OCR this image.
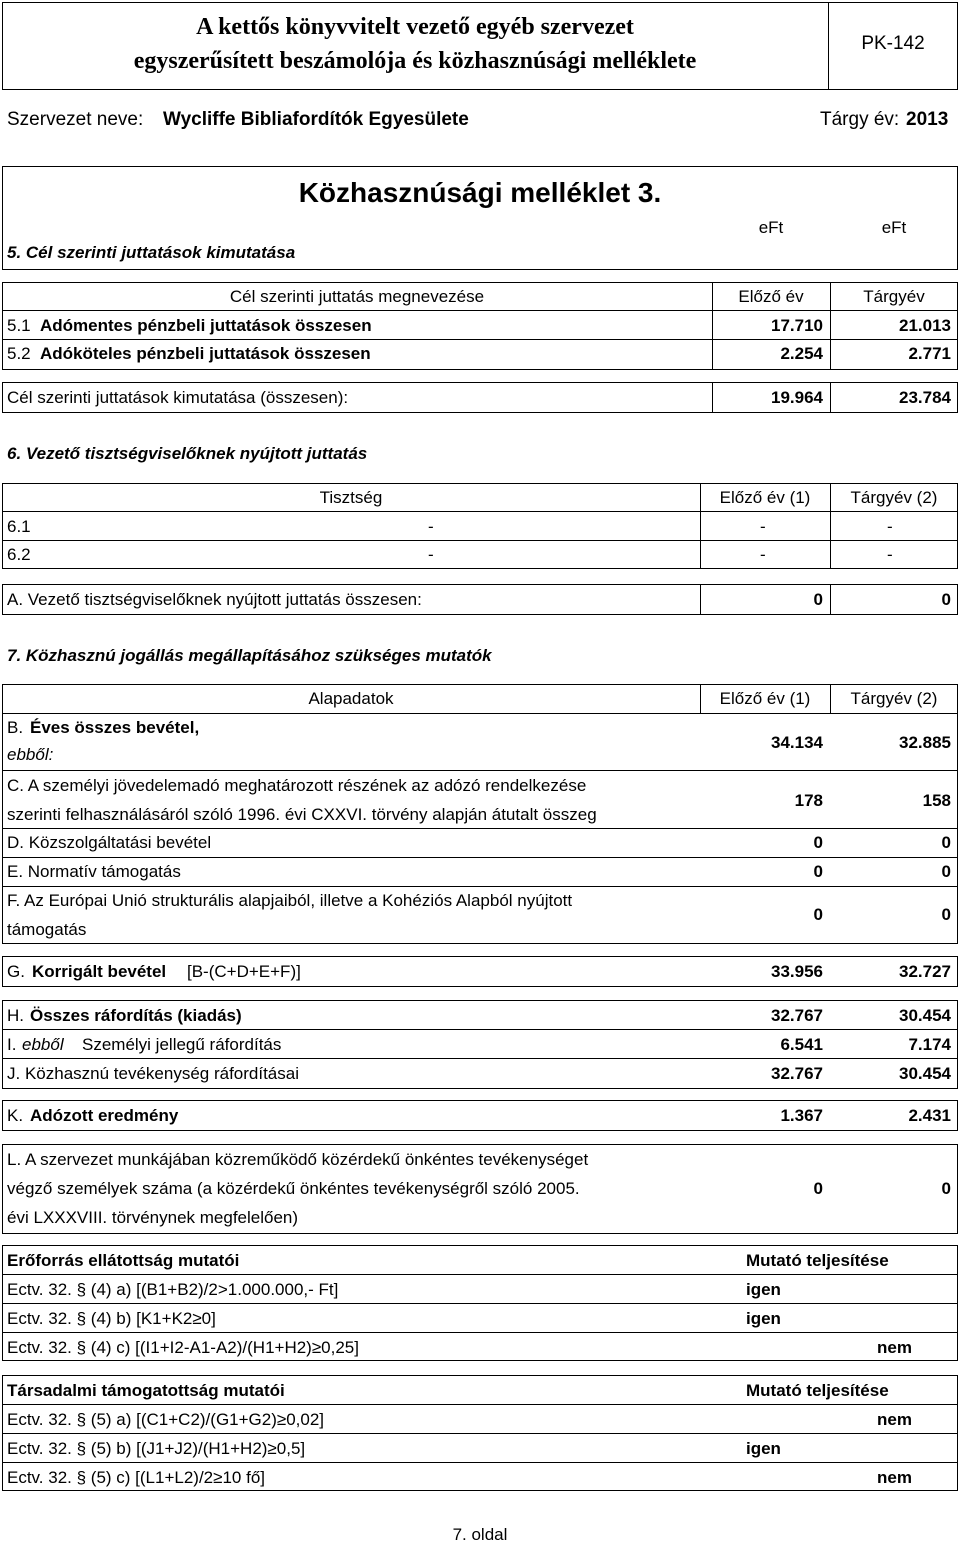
A kettős könyvvitelt vezető egyéb szervezet
egyszerűsített beszámolója és közhasznúsági melléklete
PK-142
Szervezet neve: Wycliffe Bibliafordítók Egyesülete	Tárgy év: 2013
Közhasznúsági melléklet 3.
5. Cél szerinti juttatások kimutatása
eFt	eFt
Cél szerinti juttatás megnevezése	Előző év	Tárgyév
5.1 Adómentes pénzbeli juttatások összesen	17.710	21.013
5.2 Adóköteles pénzbeli juttatások összesen	2.254	2.771
Cél szerinti juttatások kimutatása (összesen):	19.964	23.784
6. Vezető tisztségviselőknek nyújtott juttatás
Tisztség	Előző év (1)	Tárgyév (2)
6.1	-	-	-
6.2	-	-	-
A. Vezető tisztségviselőknek nyújtott juttatás összesen:	0	0
7. Közhasznú jogállás megállapításához szükséges mutatók
Alapadatok	Előző év (1)	Tárgyév (2)
B. Éves összes bevétel,
ebből:
34.134	32.885
C. A személyi jövedelemadó meghatározott részének az adózó rendelkezése
szerinti felhasználásáról szóló 1996. évi CXXVI. törvény alapján átutalt összeg
178	158
D. Közszolgáltatási bevétel	0	0
E. Normatív támogatás	0	0
F. Az Európai Unió strukturális alapjaiból, illetve a Kohéziós Alapból nyújtott
támogatás
0	0
G. Korrigált bevétel [B-(C+D+E+F)]	33.956	32.727
H. Összes ráfordítás (kiadás)	32.767	30.454
I. ebből Személyi jellegű ráfordítás	6.541	7.174
J. Közhasznú tevékenység ráfordításai	32.767	30.454
K. Adózott eredmény	1.367	2.431
L. A szervezet munkájában közreműködő közérdekű önkéntes tevékenységet
végző személyek száma (a közérdekű önkéntes tevékenységről szóló 2005.
évi LXXXVIII. törvénynek megfelelően)
0	0
Erőforrás ellátottság mutatói	Mutató teljesítése
Ectv. 32. § (4) a) [(B1+B2)/2>1.000.000,- Ft]	igen
Ectv. 32. § (4) b) [K1+K2≥0]	igen
Ectv. 32. § (4) c) [(I1+I2-A1-A2)/(H1+H2)≥0,25]	nem
Társadalmi támogatottság mutatói	Mutató teljesítése
Ectv. 32. § (5) a) [(C1+C2)/(G1+G2)≥0,02]	nem
Ectv. 32. § (5) b) [(J1+J2)/(H1+H2)≥0,5]	igen
Ectv. 32. § (5) c) [(L1+L2)/2≥10 fő]	nem
7. oldal
